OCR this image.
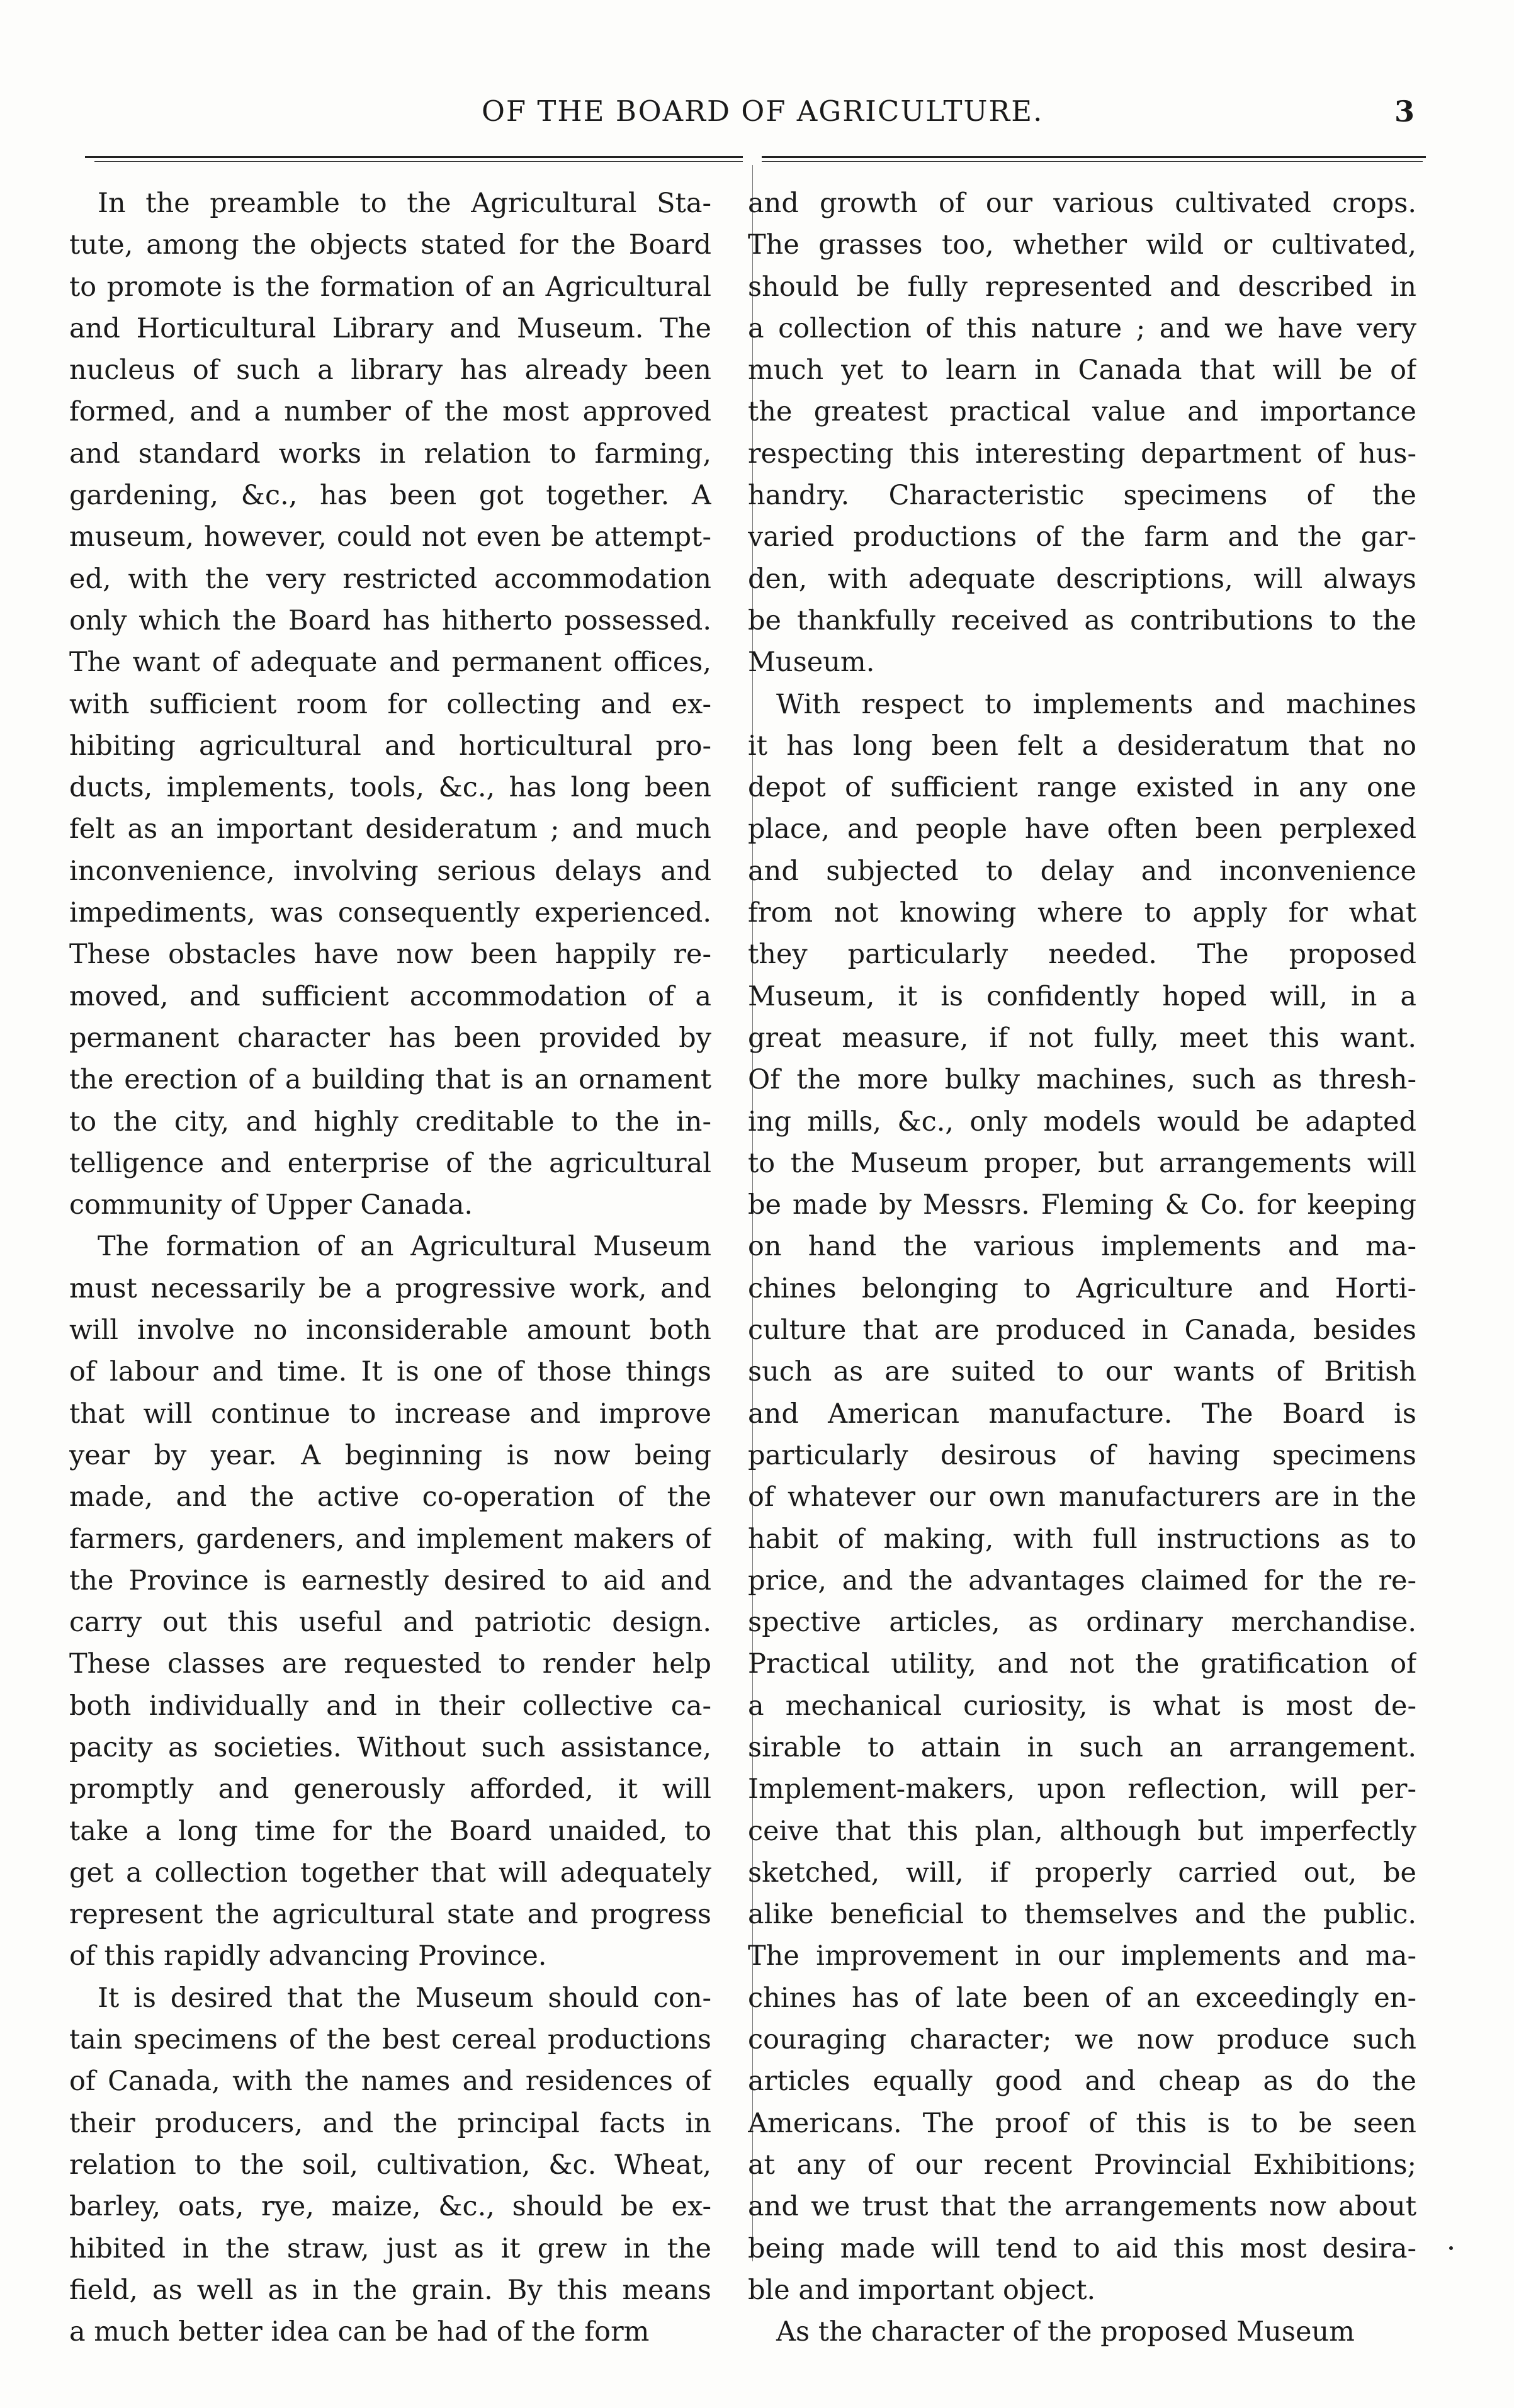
OF THE BOARD OF AGRICULTURE.	3
In the preamble to the Agricultural Sta-
tute, among the objects stated for the Board
to promote is the formation of an Agricultural
and Horticultural Library and Museum. The
nucleus of such a library has already been
formed, and a number of the most approved
and standard works in relation to farming,
gardening, &c., has been got together. A
museum, however, could not even be attempt-
ed, with the very restricted accommodation
only which the Board has hitherto possessed.
The want of adequate and permanent offices,
with sufficient room for collecting and ex-
hibiting agricultural and horticultural pro-
ducts, implements, tools, &c., has long been
felt as an important desideratum ; and much
inconvenience, involving serious delays and
impediments, was consequently experienced.
These obstacles have now been happily re-
moved, and sufficient accommodation of a
permanent character has been provided by
the erection of a building that is an ornament
to the city, and highly creditable to the in-
telligence and enterprise of the agricultural
community of Upper Canada.
The formation of an Agricultural Museum
must necessarily be a progressive work, and
will involve no inconsiderable amount both
of labour and time. It is one of those things
that will continue to increase and improve
year by year. A beginning is now being
made, and the active co-operation of the
farmers, gardeners, and implement makers of
the Province is earnestly desired to aid and
carry out this useful and patriotic design.
These classes are requested to render help
both individually and in their collective ca-
pacity as societies. Without such assistance,
promptly and generously afforded, it will
take a long time for the Board unaided, to
get a collection together that will adequately
represent the agricultural state and progress
of this rapidly advancing Province.
It is desired that the Museum should con-
tain specimens of the best cereal productions
of Canada, with the names and residences of
their producers, and the principal facts in
relation to the soil, cultivation, &c. Wheat,
barley, oats, rye, maize, &c., should be ex-
hibited in the straw, just as it grew in the
field, as well as in the grain. By this means
a much better idea can be had of the form
and growth of our various cultivated crops.
The grasses too, whether wild or cultivated,
should be fully represented and described in
a collection of this nature ; and we have very
much yet to learn in Canada that will be of
the greatest practical value and importance
respecting this interesting department of hus-
handry. Characteristic specimens of the
varied productions of the farm and the gar-
den, with adequate descriptions, will always
be thankfully received as contributions to the
Museum.
With respect to implements and machines
it has long been felt a desideratum that no
depot of sufficient range existed in any one
place, and people have often been perplexed
and subjected to delay and inconvenience
from not knowing where to apply for what
they particularly needed. The proposed
Museum, it is confidently hoped will, in a
great measure, if not fully, meet this want.
Of the more bulky machines, such as thresh-
ing mills, &c., only models would be adapted
to the Museum proper, but arrangements will
be made by Messrs. Fleming & Co. for keeping
on hand the various implements and ma-
chines belonging to Agriculture and Horti-
culture that are produced in Canada, besides
such as are suited to our wants of British
and American manufacture. The Board is
particularly desirous of having specimens
of whatever our own manufacturers are in the
habit of making, with full instructions as to
price, and the advantages claimed for the re-
spective articles, as ordinary merchandise.
Practical utility, and not the gratification of
a mechanical curiosity, is what is most de-
sirable to attain in such an arrangement.
Implement-makers, upon reflection, will per-
ceive that this plan, although but imperfectly
sketched, will, if properly carried out, be
alike beneficial to themselves and the public.
The improvement in our implements and ma-
chines has of late been of an exceedingly en-
couraging character; we now produce such
articles equally good and cheap as do the
Americans. The proof of this is to be seen
at any of our recent Provincial Exhibitions;
and we trust that the arrangements now about
being made will tend to aid this most desira-
ble and important object.
As the character of the proposed Museum
